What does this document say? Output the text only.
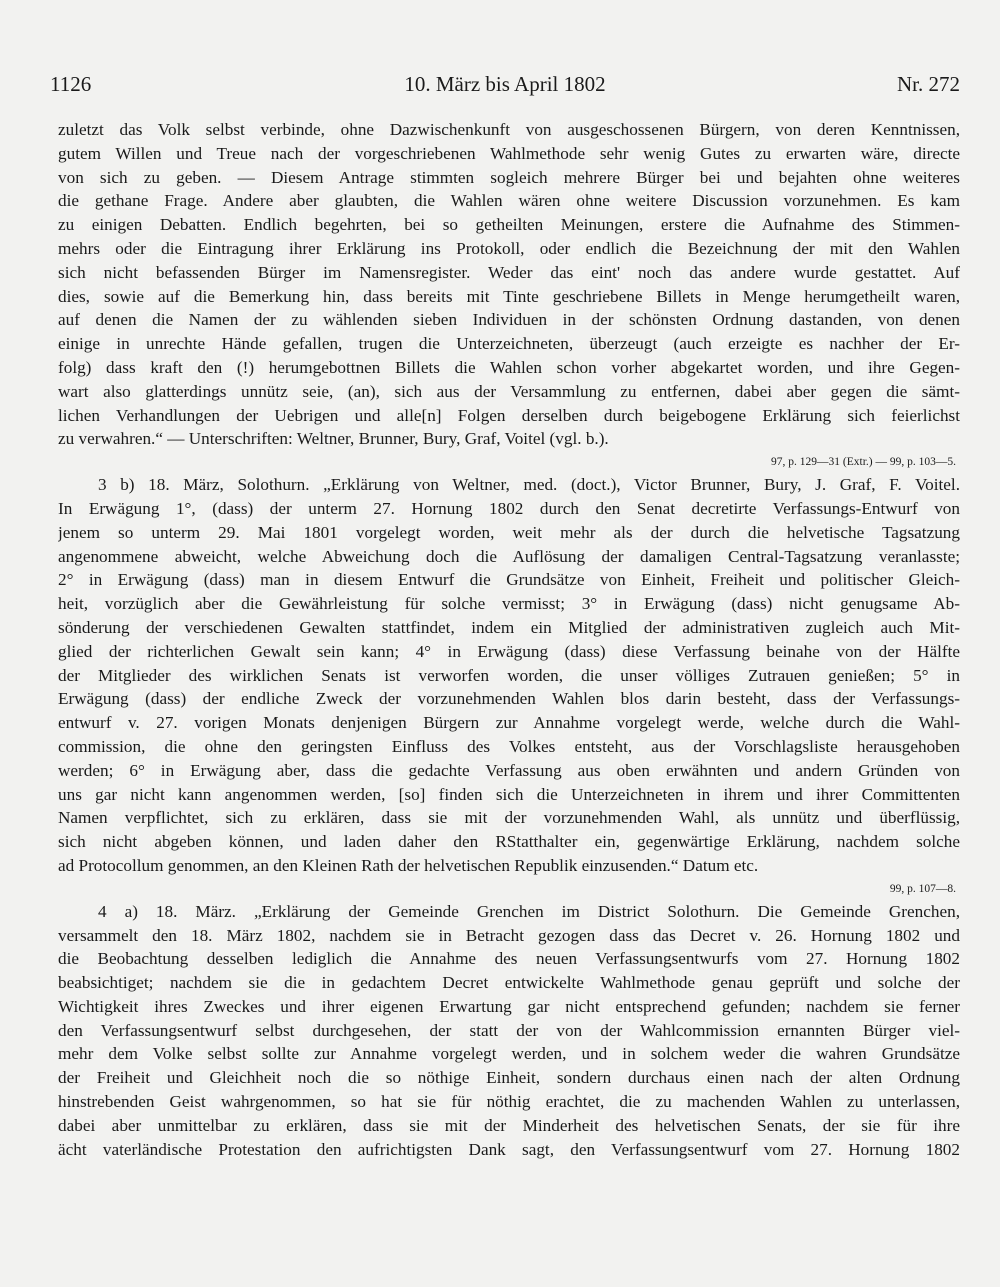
1126	10. März bis April 1802	Nr. 272
zuletzt das Volk selbst verbinde, ohne Dazwischenkunft von ausgeschossenen Bürgern, von deren Kenntnissen,
gutem Willen und Treue nach der vorgeschriebenen Wahlmethode sehr wenig Gutes zu erwarten wäre, directe
von sich zu geben. — Diesem Antrage stimmten sogleich mehrere Bürger bei und bejahten ohne weiteres
die gethane Frage. Andere aber glaubten, die Wahlen wären ohne weitere Discussion vorzunehmen. Es kam
zu einigen Debatten. Endlich begehrten, bei so getheilten Meinungen, erstere die Aufnahme des Stimmen-
mehrs oder die Eintragung ihrer Erklärung ins Protokoll, oder endlich die Bezeichnung der mit den Wahlen
sich nicht befassenden Bürger im Namensregister. Weder das eint' noch das andere wurde gestattet. Auf
dies, sowie auf die Bemerkung hin, dass bereits mit Tinte geschriebene Billets in Menge herumgetheilt waren,
auf denen die Namen der zu wählenden sieben Individuen in der schönsten Ordnung dastanden, von denen
einige in unrechte Hände gefallen, trugen die Unterzeichneten, überzeugt (auch erzeigte es nachher der Er-
folg) dass kraft den (!) herumgebottnen Billets die Wahlen schon vorher abgekartet worden, und ihre Gegen-
wart also glatterdings unnütz seie, (an), sich aus der Versammlung zu entfernen, dabei aber gegen die sämt-
lichen Verhandlungen der Uebrigen und alle[n] Folgen derselben durch beigebogene Erklärung sich feierlichst
zu verwahren.“ — Unterschriften: Weltner, Brunner, Bury, Graf, Voitel (vgl. b.).
97, p. 129—31 (Extr.) — 99, p. 103—5.
3 b) 18. März, Solothurn. „Erklärung von Weltner, med. (doct.), Victor Brunner, Bury, J. Graf, F. Voitel.
In Erwägung 1°, (dass) der unterm 27. Hornung 1802 durch den Senat decretirte Verfassungs-Entwurf von
jenem so unterm 29. Mai 1801 vorgelegt worden, weit mehr als der durch die helvetische Tagsatzung
angenommene abweicht, welche Abweichung doch die Auflösung der damaligen Central-Tagsatzung veranlasste;
2° in Erwägung (dass) man in diesem Entwurf die Grundsätze von Einheit, Freiheit und politischer Gleich-
heit, vorzüglich aber die Gewährleistung für solche vermisst; 3° in Erwägung (dass) nicht genugsame Ab-
sönderung der verschiedenen Gewalten stattfindet, indem ein Mitglied der administrativen zugleich auch Mit-
glied der richterlichen Gewalt sein kann; 4° in Erwägung (dass) diese Verfassung beinahe von der Hälfte
der Mitglieder des wirklichen Senats ist verworfen worden, die unser völliges Zutrauen genießen; 5° in
Erwägung (dass) der endliche Zweck der vorzunehmenden Wahlen blos darin besteht, dass der Verfassungs-
entwurf v. 27. vorigen Monats denjenigen Bürgern zur Annahme vorgelegt werde, welche durch die Wahl-
commission, die ohne den geringsten Einfluss des Volkes entsteht, aus der Vorschlagsliste herausgehoben
werden; 6° in Erwägung aber, dass die gedachte Verfassung aus oben erwähnten und andern Gründen von
uns gar nicht kann angenommen werden, [so] finden sich die Unterzeichneten in ihrem und ihrer Committenten
Namen verpflichtet, sich zu erklären, dass sie mit der vorzunehmenden Wahl, als unnütz und überflüssig,
sich nicht abgeben können, und laden daher den RStatthalter ein, gegenwärtige Erklärung, nachdem solche
ad Protocollum genommen, an den Kleinen Rath der helvetischen Republik einzusenden.“ Datum etc.
99, p. 107—8.
4 a) 18. März. „Erklärung der Gemeinde Grenchen im District Solothurn. Die Gemeinde Grenchen,
versammelt den 18. März 1802, nachdem sie in Betracht gezogen dass das Decret v. 26. Hornung 1802 und
die Beobachtung desselben lediglich die Annahme des neuen Verfassungsentwurfs vom 27. Hornung 1802
beabsichtiget; nachdem sie die in gedachtem Decret entwickelte Wahlmethode genau geprüft und solche der
Wichtigkeit ihres Zweckes und ihrer eigenen Erwartung gar nicht entsprechend gefunden; nachdem sie ferner
den Verfassungsentwurf selbst durchgesehen, der statt der von der Wahlcommission ernannten Bürger viel-
mehr dem Volke selbst sollte zur Annahme vorgelegt werden, und in solchem weder die wahren Grundsätze
der Freiheit und Gleichheit noch die so nöthige Einheit, sondern durchaus einen nach der alten Ordnung
hinstrebenden Geist wahrgenommen, so hat sie für nöthig erachtet, die zu machenden Wahlen zu unterlassen,
dabei aber unmittelbar zu erklären, dass sie mit der Minderheit des helvetischen Senats, der sie für ihre
ächt vaterländische Protestation den aufrichtigsten Dank sagt, den Verfassungsentwurf vom 27. Hornung 1802
